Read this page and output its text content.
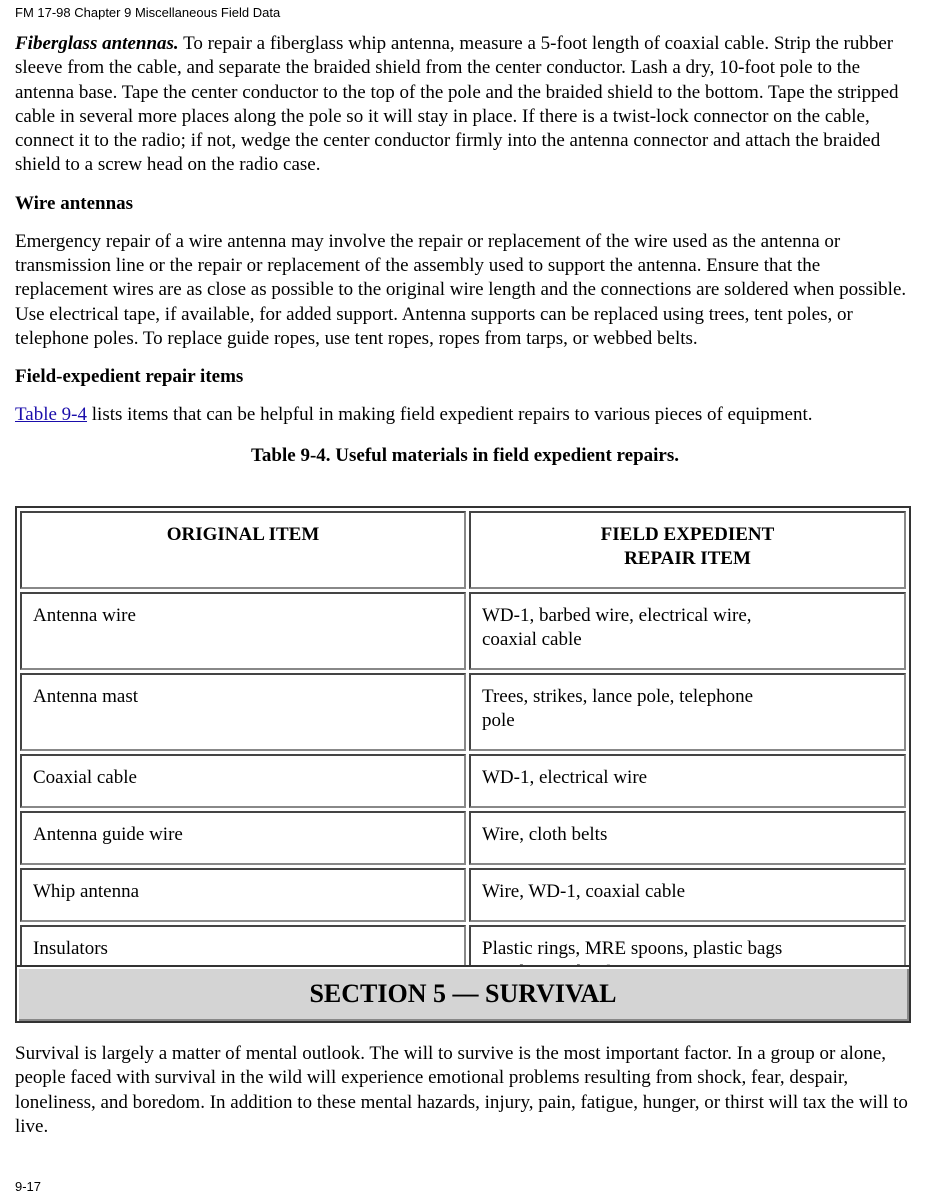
FM 17-98 Chapter 9 Miscellaneous Field Data

Fiberglass antennas. To repair a fiberglass whip antenna, measure a 5-foot length of coaxial cable. Strip the rubber sleeve from the cable, and separate the braided shield from the center conductor. Lash a dry, 10-foot pole to the antenna base. Tape the center conductor to the top of the pole and the braided shield to the bottom. Tape the stripped cable in several more places along the pole so it will stay in place. If there is a twist-lock connector on the cable, connect it to the radio; if not, wedge the center conductor firmly into the antenna connector and attach the braided shield to a screw head on the radio case.

Wire antennas

Emergency repair of a wire antenna may involve the repair or replacement of the wire used as the antenna or transmission line or the repair or replacement of the assembly used to support the antenna. Ensure that the replacement wires are as close as possible to the original wire length and the connections are soldered when possible. Use electrical tape, if available, for added support. Antenna supports can be replaced using trees, tent poles, or telephone poles. To replace guide ropes, use tent ropes, ropes from tarps, or webbed belts.

Field-expedient repair items

Table 9-4 lists items that can be helpful in making field expedient repairs to various pieces of equipment.

Table 9-4. Useful materials in field expedient repairs.
ORIGINAL ITEM	FIELD EXPEDIENT
REPAIR ITEM
Antenna wire	WD-1, barbed wire, electrical wire, coaxial cable
Antenna mast	Trees, strikes, lance pole, telephone pole
Coaxial cable	WD-1, electrical wire
Antenna guide wire	Wire, cloth belts
Whip antenna	Wire, WD-1, coaxial cable
Insulators	Plastic rings, MRE spoons, plastic bags
SECTION 5 — SURVIVAL

Survival is largely a matter of mental outlook. The will to survive is the most important factor. In a group or alone, people faced with survival in the wild will experience emotional problems resulting from shock, fear, despair, loneliness, and boredom. In addition to these mental hazards, injury, pain, fatigue, hunger, or thirst will tax the will to live.

9-17
